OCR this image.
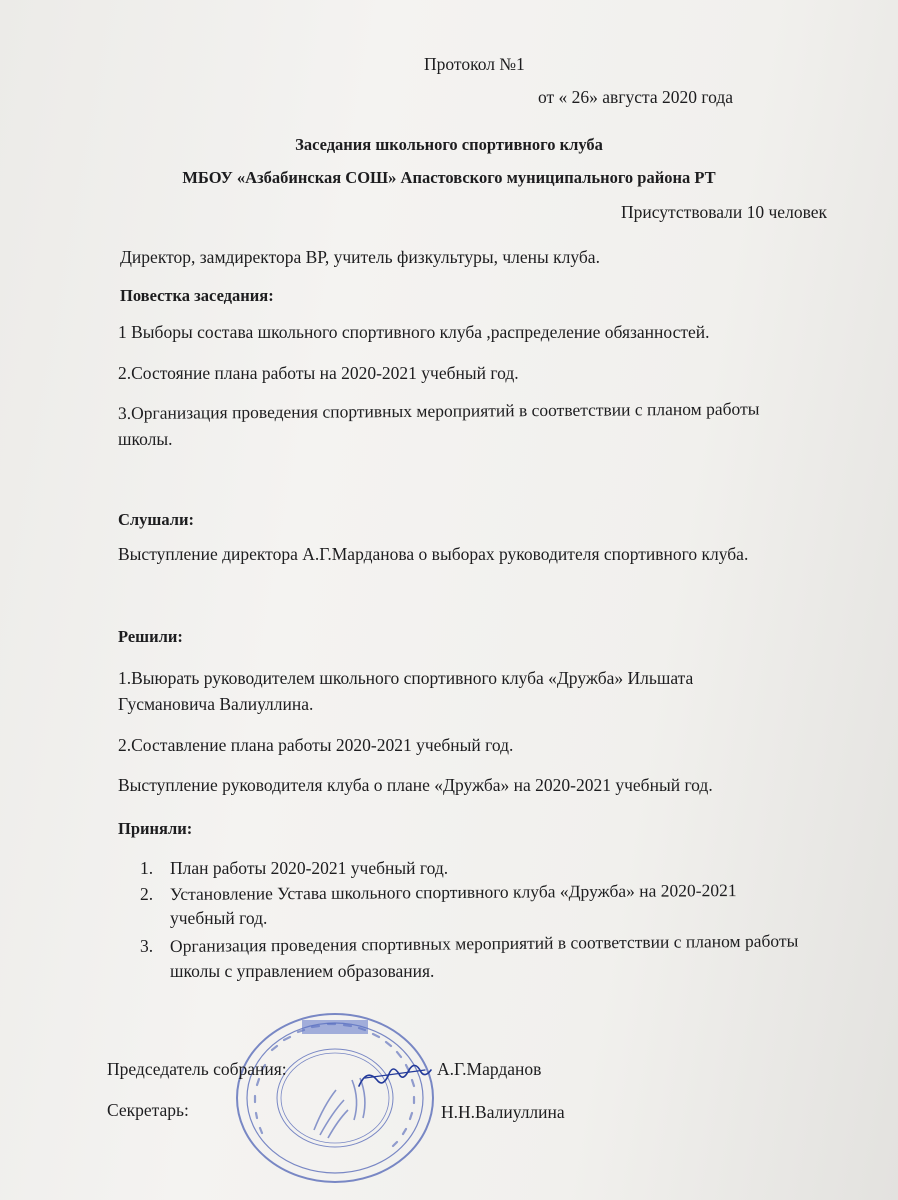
Протокол №1
от « 26» августа 2020 года
Заседания школьного спортивного клуба
МБОУ «Азбабинская СОШ» Апастовского муниципального района РТ
Присутствовали 10 человек
Директор, замдиректора ВР, учитель физкультуры, члены клуба.
Повестка заседания:
1 Выборы состава школьного спортивного клуба ,распределение обязанностей.
2.Состояние плана работы на 2020-2021 учебный год.
3.Организация проведения спортивных мероприятий в соответствии с планом работы
школы.
Слушали:
Выступление директора А.Г.Марданова о выборах руководителя спортивного клуба.
Решили:
1.Выюрать руководителем школьного спортивного клуба «Дружба» Ильшата
Гусмановича Валиуллина.
2.Составление плана работы 2020-2021 учебный год.
Выступление руководителя клуба о плане «Дружба» на 2020-2021 учебный год.
Приняли:
1. План работы 2020-2021 учебный год.
2. Установление Устава школьного спортивного клуба «Дружба» на 2020-2021
учебный год.
3. Организация проведения спортивных мероприятий в соответствии с планом работы
школы с управлением образования.
Председатель собрания:	А.Г.Марданов
Секретарь:	Н.Н.Валиуллина
